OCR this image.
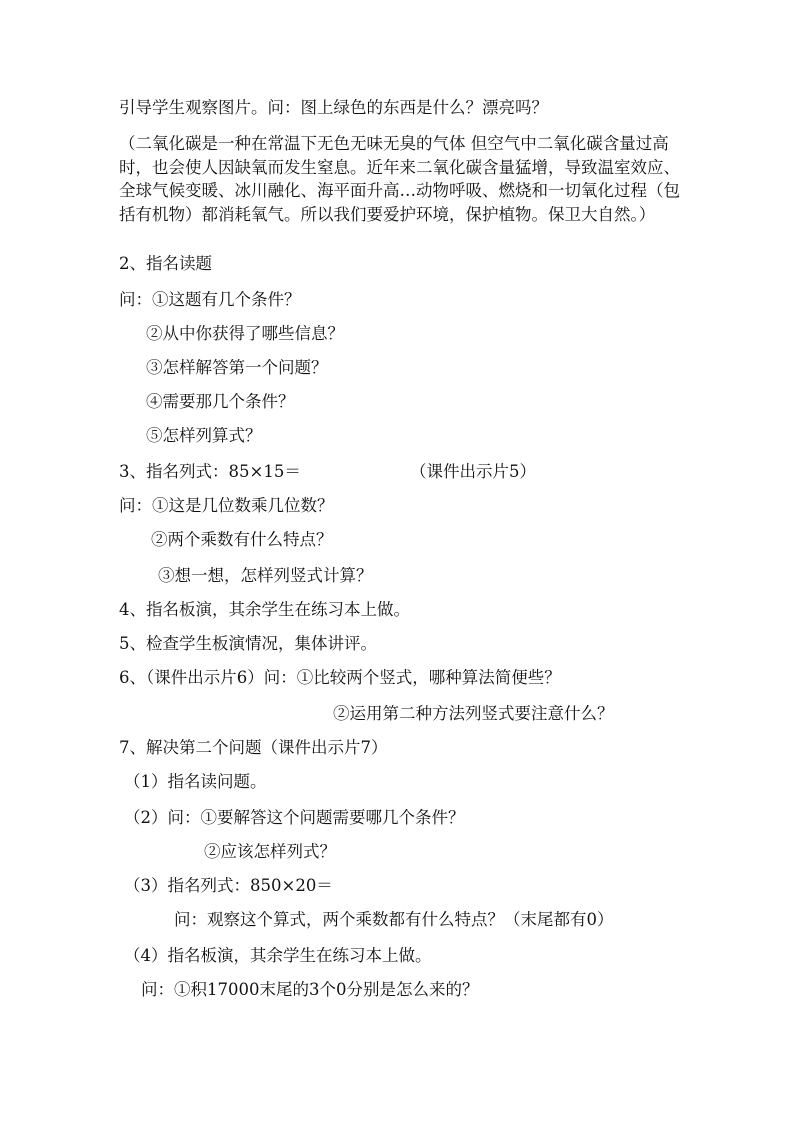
引导学生观察图片。问：图上绿色的东西是什么？漂亮吗？
（二氧化碳是一种在常温下无色无味无臭的气体 但空气中二氧化碳含量过高时，也会使人因缺氧而发生窒息。近年来二氧化碳含量猛增，导致温室效应、全球气候变暖、冰川融化、海平面升高…动物呼吸、燃烧和一切氧化过程（包括有机物）都消耗氧气。所以我们要爱护环境，保护植物。保卫大自然。）
2、指名读题
问：①这题有几个条件？
②从中你获得了哪些信息？
③怎样解答第一个问题？
④需要那几个条件？
⑤怎样列算式？
3、指名列式：85×15＝	（课件出示片5）
问：①这是几位数乘几位数？
②两个乘数有什么特点？
③想一想，怎样列竖式计算？
4、指名板演，其余学生在练习本上做。
5、检查学生板演情况，集体讲评。
6、（课件出示片6）问：①比较两个竖式，哪种算法简便些？
②运用第二种方法列竖式要注意什么？
7、解决第二个问题（课件出示片7）
（1）指名读问题。
（2）问：①要解答这个问题需要哪几个条件？
②应该怎样列式？
（3）指名列式：850×20＝
问：观察这个算式，两个乘数都有什么特点？（末尾都有0）
（4）指名板演，其余学生在练习本上做。
问：①积17000末尾的3个0分别是怎么来的？
